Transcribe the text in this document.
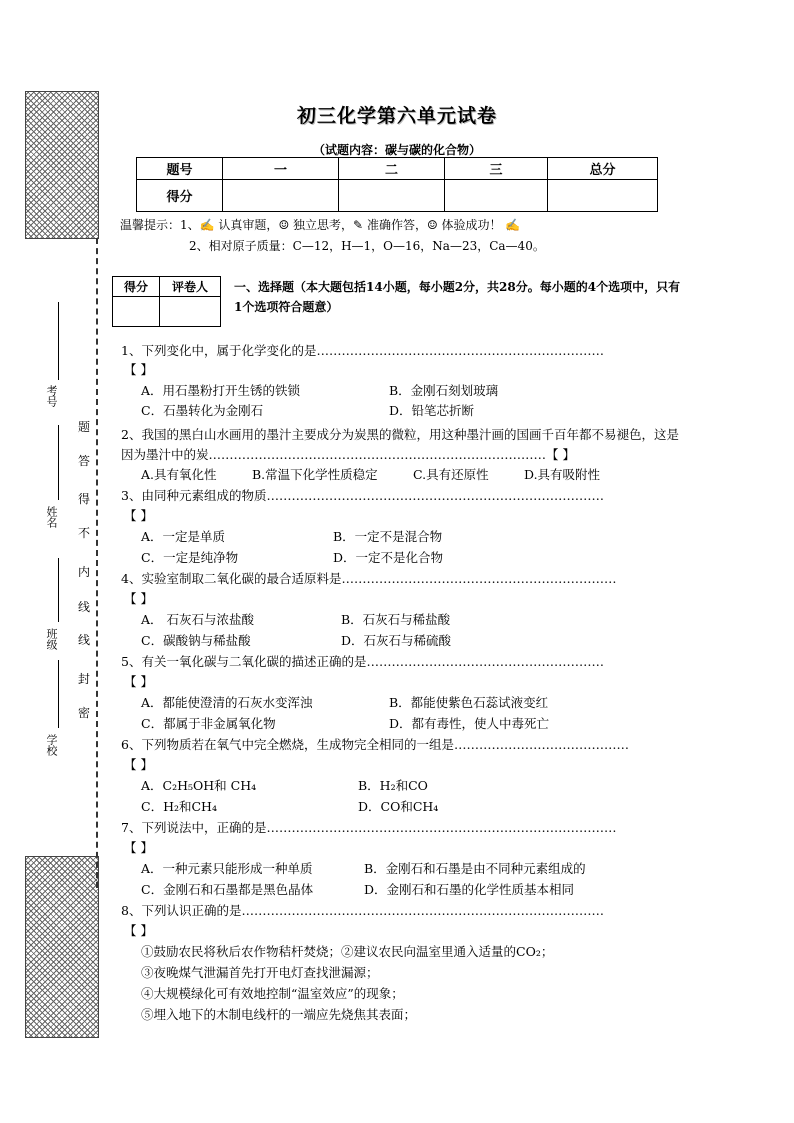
考号
姓名
班级
学校
题
答
得
不
内
线
线
封
密
初三化学第六单元试卷
（试题内容：碳与碳的化合物）
题号	一	二	三	总分
得分				
温馨提示：1、✍ 认真审题，☺ 独立思考，✎ 准确作答，☺ 体验成功！ ✍
2、相对原子质量：C—12，H—1，O—16，Na—23，Ca—40。
得分	评卷人
	一、选择题（本大题包括14小题，每小题2分，共28分。每小题的4个选项中，只有1个选项符合题意）
1、下列变化中，属于化学变化的是……………………………………………………………
【 】
A．用石墨粉打开生锈的铁锁	B．金刚石刻划玻璃
C．石墨转化为金刚石	D．铅笔芯折断
2、我国的黑白山水画用的墨汁主要成分为炭黑的微粒，用这种墨汁画的国画千百年都不易褪色，这是因为墨汁中的炭………………………………………………………………………【 】
A.具有氧化性	B.常温下化学性质稳定	C.具有还原性	D.具有吸附性
3、由同种元素组成的物质………………………………………………………………………
【 】
A．一定是单质	B．一定不是混合物
C．一定是纯净物	D．一定不是化合物
4、实验室制取二氧化碳的最合适原料是…………………………………………………………
【 】
A． 石灰石与浓盐酸	B．石灰石与稀盐酸
C．碳酸钠与稀盐酸	D．石灰石与稀硫酸
5、有关一氧化碳与二氧化碳的描述正确的是…………………………………………………
【 】
A．都能使澄清的石灰水变浑浊	B．都能使紫色石蕊试液变红
C．都属于非金属氧化物	D．都有毒性，使人中毒死亡
6、下列物质若在氧气中完全燃烧，生成物完全相同的一组是……………………………………
【 】
A．C₂H₅OH和 CH₄	B．H₂和CO
C．H₂和CH₄	D．CO和CH₄
7、下列说法中，正确的是…………………………………………………………………………
【 】
A．一种元素只能形成一种单质	B．金刚石和石墨是由不同种元素组成的
C．金刚石和石墨都是黑色晶体	D．金刚石和石墨的化学性质基本相同
8、下列认识正确的是……………………………………………………………………………
【 】
①鼓励农民将秋后农作物秸杆焚烧；②建议农民向温室里通入适量的CO₂；
③夜晚煤气泄漏首先打开电灯查找泄漏源；
④大规模绿化可有效地控制“温室效应”的现象；
⑤埋入地下的木制电线杆的一端应先烧焦其表面；
